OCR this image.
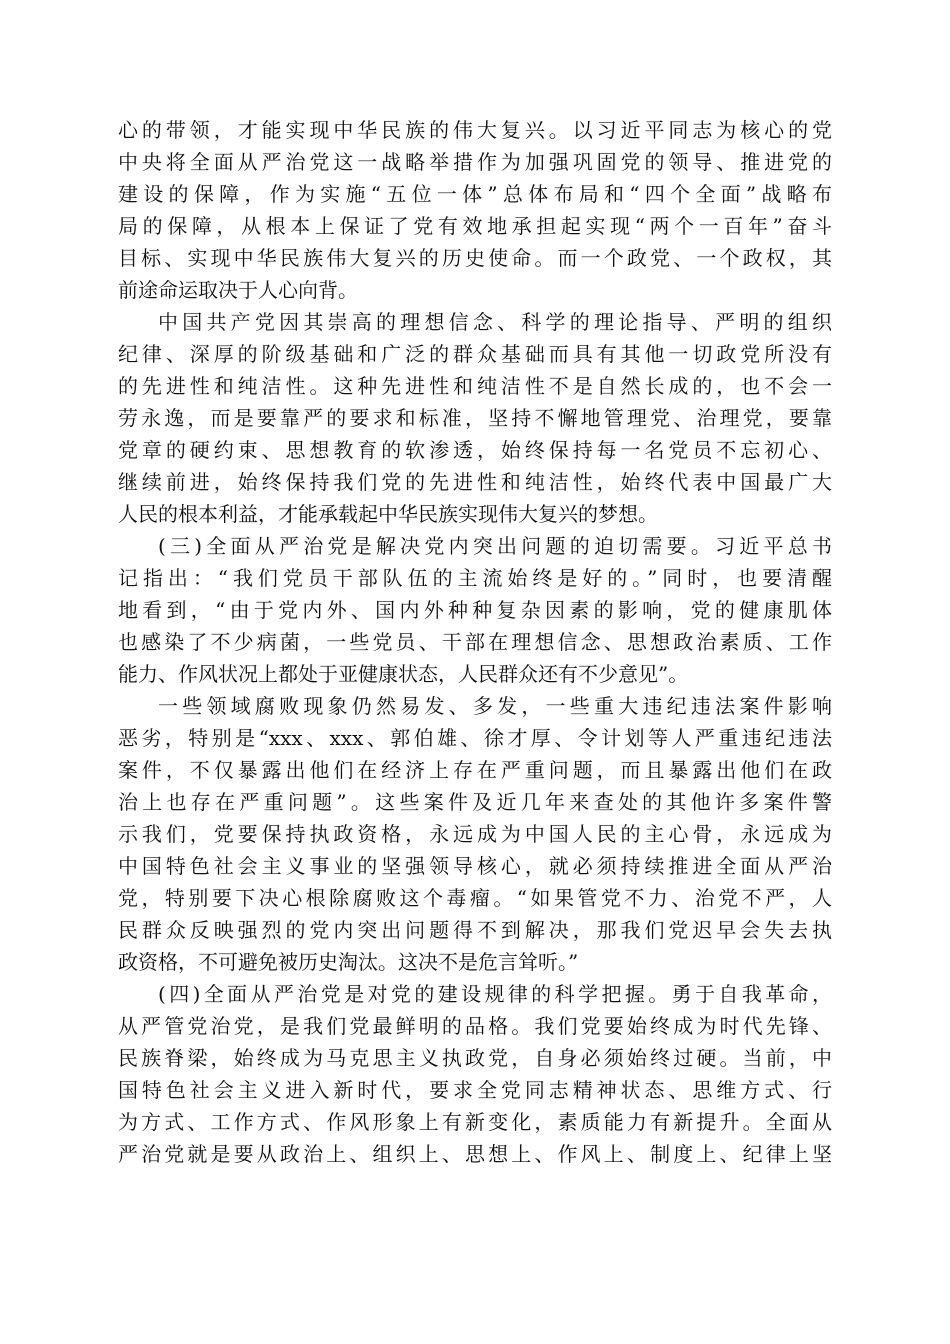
心的带领，才能实现中华民族的伟大复兴。以习近平同志为核心的党
中央将全面从严治党这一战略举措作为加强巩固党的领导、推进党的
建设的保障，作为实施“五位一体”总体布局和“四个全面”战略布
局的保障，从根本上保证了党有效地承担起实现“两个一百年”奋斗
目标、实现中华民族伟大复兴的历史使命。而一个政党、一个政权，其
前途命运取决于人心向背。
中国共产党因其崇高的理想信念、科学的理论指导、严明的组织
纪律、深厚的阶级基础和广泛的群众基础而具有其他一切政党所没有
的先进性和纯洁性。这种先进性和纯洁性不是自然长成的，也不会一
劳永逸，而是要靠严的要求和标准，坚持不懈地管理党、治理党，要靠
党章的硬约束、思想教育的软渗透，始终保持每一名党员不忘初心、
继续前进，始终保持我们党的先进性和纯洁性，始终代表中国最广大
人民的根本利益，才能承载起中华民族实现伟大复兴的梦想。
(三)全面从严治党是解决党内突出问题的迫切需要。习近平总书
记指出：“我们党员干部队伍的主流始终是好的。”同时，也要清醒
地看到，“由于党内外、国内外种种复杂因素的影响，党的健康肌体
也感染了不少病菌，一些党员、干部在理想信念、思想政治素质、工作
能力、作风状况上都处于亚健康状态，人民群众还有不少意见”。
一些领域腐败现象仍然易发、多发，一些重大违纪违法案件影响
恶劣，特别是“xxx、xxx、郭伯雄、徐才厚、令计划等人严重违纪违法
案件，不仅暴露出他们在经济上存在严重问题，而且暴露出他们在政
治上也存在严重问题”。这些案件及近几年来查处的其他许多案件警
示我们，党要保持执政资格，永远成为中国人民的主心骨，永远成为
中国特色社会主义事业的坚强领导核心，就必须持续推进全面从严治
党，特别要下决心根除腐败这个毒瘤。“如果管党不力、治党不严，人
民群众反映强烈的党内突出问题得不到解决，那我们党迟早会失去执
政资格，不可避免被历史淘汰。这决不是危言耸听。”
(四)全面从严治党是对党的建设规律的科学把握。勇于自我革命，
从严管党治党，是我们党最鲜明的品格。我们党要始终成为时代先锋、
民族脊梁，始终成为马克思主义执政党，自身必须始终过硬。当前，中
国特色社会主义进入新时代，要求全党同志精神状态、思维方式、行
为方式、工作方式、作风形象上有新变化，素质能力有新提升。全面从
严治党就是要从政治上、组织上、思想上、作风上、制度上、纪律上坚
